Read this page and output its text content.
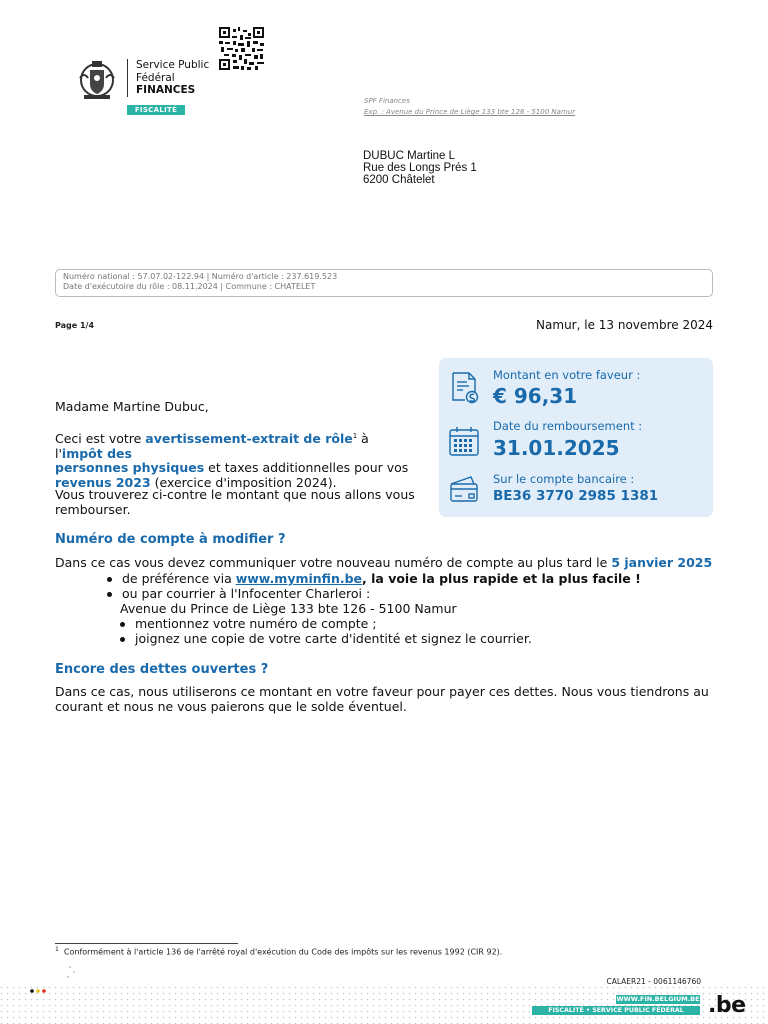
Service Public
Fédéral
FINANCES
FISCALITÉ
SPF Finances
Exp. : Avenue du Prince de Liège 133 bte 126 - 5100 Namur
DUBUC Martine L
Rue des Longs Prés 1
6200 Châtelet
Numéro national : 57.07.02-122.94 | Numéro d'article : 237.619.523
Date d'exécutoire du rôle : 08.11.2024 | Commune : CHATELET
Page 1/4	Namur, le 13 novembre 2024
Montant en votre faveur :
€ 96,31
Date du remboursement :
31.01.2025
Sur le compte bancaire :
BE36 3770 2985 1381
Madame Martine Dubuc,
Ceci est votre avertissement-extrait de rôle$^1$ à l'impôt des
personnes physiques et taxes additionnelles pour vos
revenus 2023 (exercice d'imposition 2024).
Vous trouverez ci-contre le montant que nous allons vous
rembourser.
Numéro de compte à modifier ?
Dans ce cas vous devez communiquer votre nouveau numéro de compte au plus tard le 5 janvier 2025
de préférence via www.myminfin.be, la voie la plus rapide et la plus facile !
ou par courrier à l'Infocenter Charleroi :
Avenue du Prince de Liège 133 bte 126 - 5100 Namur
mentionnez votre numéro de compte ;
joignez une copie de votre carte d'identité et signez le courrier.
Encore des dettes ouvertes ?
Dans ce cas, nous utiliserons ce montant en votre faveur pour payer ces dettes. Nous vous tiendrons au
courant et nous ne vous paierons que le solde éventuel.
$^1$ Conformément à l'article 136 de l'arrêté royal d'exécution du Code des impôts sur les revenus 1992 (CIR 92).
CALAER21 - 0061146760
WWW.FIN.BELGIUM.BE
FISCALITÉ • SERVICE PUBLIC FÉDÉRAL FINANCES
.be
